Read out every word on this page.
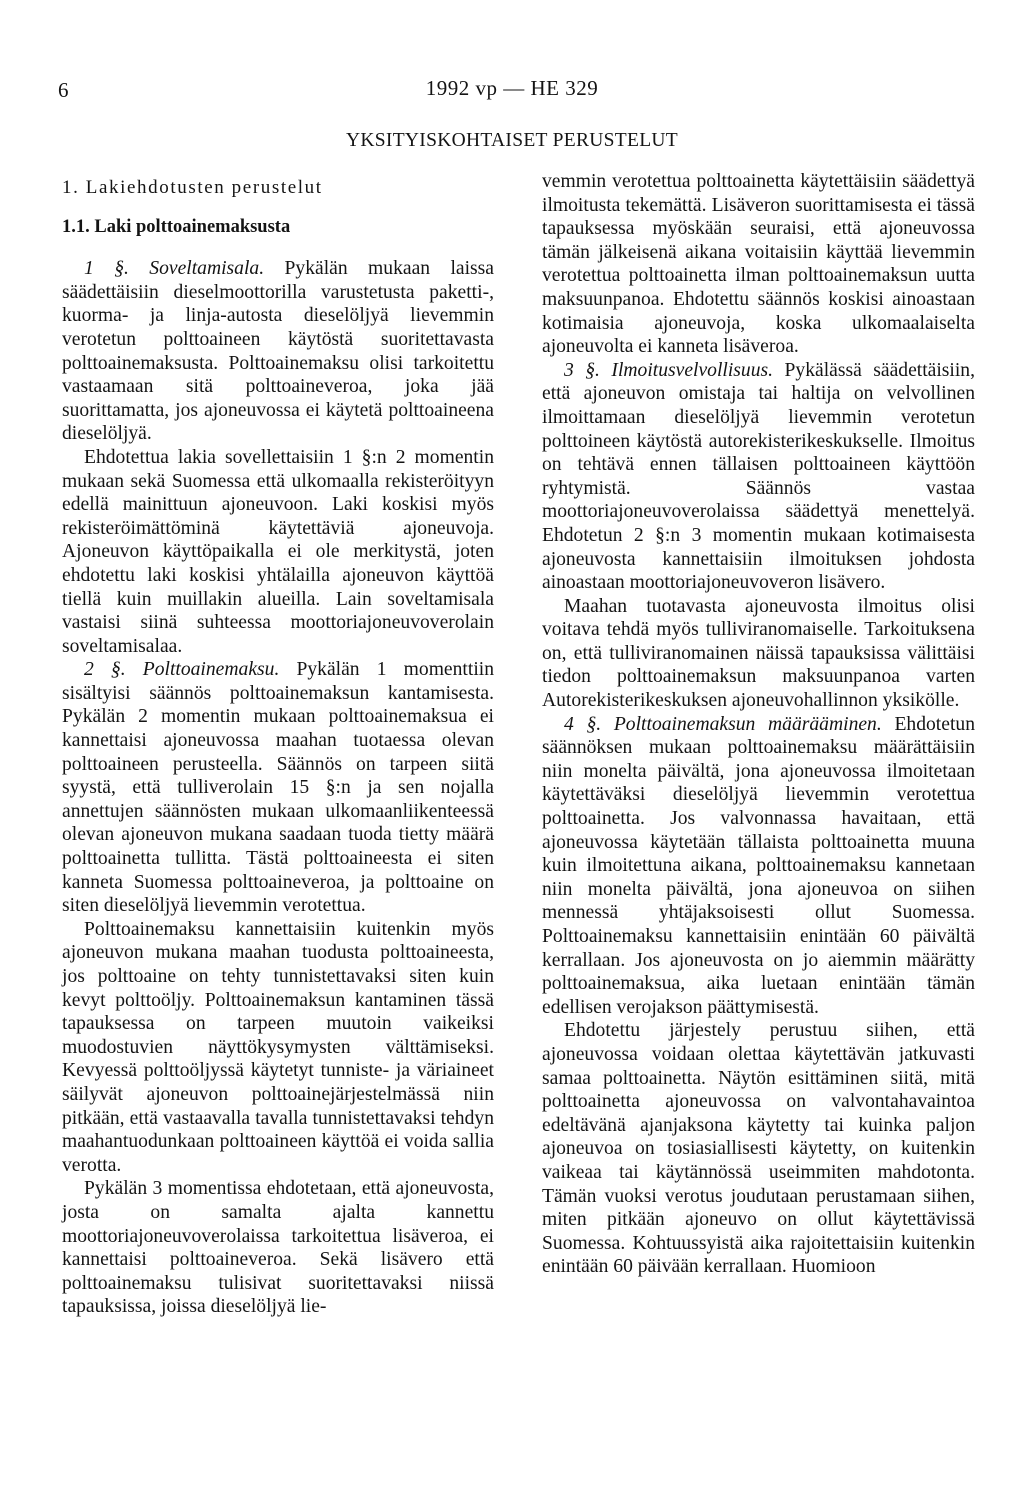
6	1992 vp — HE 329
YKSITYISKOHTAISET PERUSTELUT
1. Lakiehdotusten perustelut
1.1. Laki polttoainemaksusta

1 §. Soveltamisala. Pykälän mukaan laissa säädettäisiin dieselmoottorilla varustetusta paketti-, kuorma- ja linja-autosta dieselöljyä lievemmin verotetun polttoaineen käytöstä suoritettavasta polttoainemaksusta. Polttoainemaksu olisi tarkoitettu vastaamaan sitä polttoaineveroa, joka jää suorittamatta, jos ajoneuvossa ei käytetä polttoaineena dieselöljyä.

Ehdotettua lakia sovellettaisiin 1 §:n 2 momentin mukaan sekä Suomessa että ulkomaalla rekisteröityyn edellä mainittuun ajoneuvoon. Laki koskisi myös rekisteröimättöminä käytettäviä ajoneuvoja. Ajoneuvon käyttöpaikalla ei ole merkitystä, joten ehdotettu laki koskisi yhtälailla ajoneuvon käyttöä tiellä kuin muillakin alueilla. Lain soveltamisala vastaisi siinä suhteessa moottoriajoneuvoverolain soveltamisalaa.

2 §. Polttoainemaksu. Pykälän 1 momenttiin sisältyisi säännös polttoainemaksun kantamisesta. Pykälän 2 momentin mukaan polttoainemaksua ei kannettaisi ajoneuvossa maahan tuotaessa olevan polttoaineen perusteella. Säännös on tarpeen siitä syystä, että tulliverolain 15 §:n ja sen nojalla annettujen säännösten mukaan ulkomaanliikenteessä olevan ajoneuvon mukana saadaan tuoda tietty määrä polttoainetta tullitta. Tästä polttoaineesta ei siten kanneta Suomessa polttoaineveroa, ja polttoaine on siten dieselöljyä lievemmin verotettua.

Polttoainemaksu kannettaisiin kuitenkin myös ajoneuvon mukana maahan tuodusta polttoaineesta, jos polttoaine on tehty tunnistettavaksi siten kuin kevyt polttoöljy. Polttoainemaksun kantaminen tässä tapauksessa on tarpeen muutoin vaikeiksi muodostuvien näyttökysymysten välttämiseksi. Kevyessä polttoöljyssä käytetyt tunniste- ja väriaineet säilyvät ajoneuvon polttoainejärjestelmässä niin pitkään, että vastaavalla tavalla tunnistettavaksi tehdyn maahantuodunkaan polttoaineen käyttöä ei voida sallia verotta.

Pykälän 3 momentissa ehdotetaan, että ajoneuvosta, josta on samalta ajalta kannettu moottoriajoneuvoverolaissa tarkoitettua lisäveroa, ei kannettaisi polttoaineveroa. Sekä lisävero että polttoainemaksu tulisivat suoritettavaksi niissä tapauksissa, joissa dieselöljyä lie-

vemmin verotettua polttoainetta käytettäisiin säädettyä ilmoitusta tekemättä. Lisäveron suorittamisesta ei tässä tapauksessa myöskään seuraisi, että ajoneuvossa tämän jälkeisenä aikana voitaisiin käyttää lievemmin verotettua polttoainetta ilman polttoainemaksun uutta maksuunpanoa. Ehdotettu säännös koskisi ainoastaan kotimaisia ajoneuvoja, koska ulkomaalaiselta ajoneuvolta ei kanneta lisäveroa.

3 §. Ilmoitusvelvollisuus. Pykälässä säädettäisiin, että ajoneuvon omistaja tai haltija on velvollinen ilmoittamaan dieselöljyä lievemmin verotetun polttoineen käytöstä autorekisterikeskukselle. Ilmoitus on tehtävä ennen tällaisen polttoaineen käyttöön ryhtymistä. Säännös vastaa moottoriajoneuvoverolaissa säädettyä menettelyä. Ehdotetun 2 §:n 3 momentin mukaan kotimaisesta ajoneuvosta kannettaisiin ilmoituksen johdosta ainoastaan moottoriajoneuvoveron lisävero.

Maahan tuotavasta ajoneuvosta ilmoitus olisi voitava tehdä myös tulliviranomaiselle. Tarkoituksena on, että tulliviranomainen näissä tapauksissa välittäisi tiedon polttoainemaksun maksuunpanoa varten Autorekisterikeskuksen ajoneuvohallinnon yksikölle.

4 §. Polttoainemaksun määrääminen. Ehdotetun säännöksen mukaan polttoainemaksu määrättäisiin niin monelta päivältä, jona ajoneuvossa ilmoitetaan käytettäväksi dieselöljyä lievemmin verotettua polttoainetta. Jos valvonnassa havaitaan, että ajoneuvossa käytetään tällaista polttoainetta muuna kuin ilmoitettuna aikana, polttoainemaksu kannetaan niin monelta päivältä, jona ajoneuvoa on siihen mennessä yhtäjaksoisesti ollut Suomessa. Polttoainemaksu kannettaisiin enintään 60 päivältä kerrallaan. Jos ajoneuvosta on jo aiemmin määrätty polttoainemaksua, aika luetaan enintään tämän edellisen verojakson päättymisestä.

Ehdotettu järjestely perustuu siihen, että ajoneuvossa voidaan olettaa käytettävän jatkuvasti samaa polttoainetta. Näytön esittäminen siitä, mitä polttoainetta ajoneuvossa on valvontahavaintoa edeltävänä ajanjaksona käytetty tai kuinka paljon ajoneuvoa on tosiasiallisesti käytetty, on kuitenkin vaikeaa tai käytännössä useimmiten mahdotonta. Tämän vuoksi verotus joudutaan perustamaan siihen, miten pitkään ajoneuvo on ollut käytettävissä Suomessa. Kohtuussyistä aika rajoitettaisiin kuitenkin enintään 60 päivään kerrallaan. Huomioon
